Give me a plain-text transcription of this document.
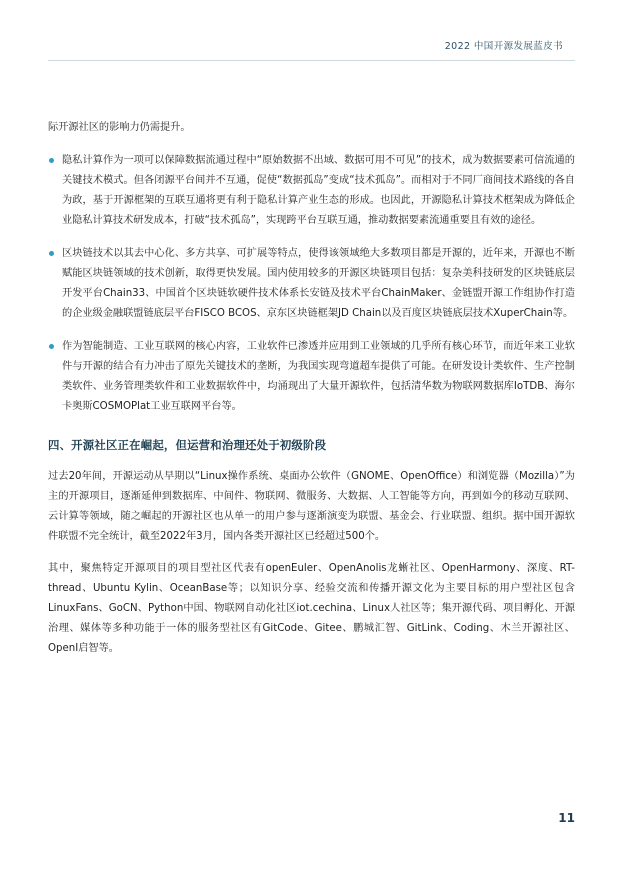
2022 中国开源发展蓝皮书

际开源社区的影响力仍需提升。

隐私计算作为一项可以保障数据流通过程中“原始数据不出域、数据可用不可见”的技术，成为数据要素可信流通的关键技术模式。但各闭源平台间并不互通，促使“数据孤岛”变成“技术孤岛”。而相对于不同厂商间技术路线的各自为政，基于开源框架的互联互通将更有利于隐私计算产业生态的形成。也因此，开源隐私计算技术框架成为降低企业隐私计算技术研发成本，打破“技术孤岛”，实现跨平台互联互通，推动数据要素流通重要且有效的途径。

区块链技术以其去中心化、多方共享、可扩展等特点，使得该领域绝大多数项目都是开源的，近年来，开源也不断赋能区块链领域的技术创新，取得更快发展。国内使用较多的开源区块链项目包括：复杂美科技研发的区块链底层开发平台Chain33、中国首个区块链软硬件技术体系长安链及技术平台ChainMaker、金链盟开源工作组协作打造的企业级金融联盟链底层平台FISCO BCOS、京东区块链框架JD Chain以及百度区块链底层技术XuperChain等。

作为智能制造、工业互联网的核心内容，工业软件已渗透并应用到工业领域的几乎所有核心环节，而近年来工业软件与开源的结合有力冲击了原先关键技术的垄断，为我国实现弯道超车提供了可能。在研发设计类软件、生产控制类软件、业务管理类软件和工业数据软件中，均涌现出了大量开源软件，包括清华数为物联网数据库IoTDB、海尔卡奥斯COSMOPlat工业互联网平台等。

四、开源社区正在崛起，但运营和治理还处于初级阶段

过去20年间，开源运动从早期以“Linux操作系统、桌面办公软件（GNOME、OpenOffice）和浏览器（Mozilla）”为主的开源项目，逐渐延伸到数据库、中间件、物联网、微服务、大数据、人工智能等方向，再到如今的移动互联网、云计算等领域，随之崛起的开源社区也从单一的用户参与逐渐演变为联盟、基金会、行业联盟、组织。据中国开源软件联盟不完全统计，截至2022年3月，国内各类开源社区已经超过500个。

其中，聚焦特定开源项目的项目型社区代表有openEuler、OpenAnolis龙蜥社区、OpenHarmony、深度、RT-thread、Ubuntu Kylin、OceanBase等；以知识分享、经验交流和传播开源文化为主要目标的用户型社区包含LinuxFans、GoCN、Python中国、物联网自动化社区iot.cechina、Linux人社区等；集开源代码、项目孵化、开源治理、媒体等多种功能于一体的服务型社区有GitCode、Gitee、鹏城汇智、GitLink、Coding、木兰开源社区、OpenI启智等。

11
